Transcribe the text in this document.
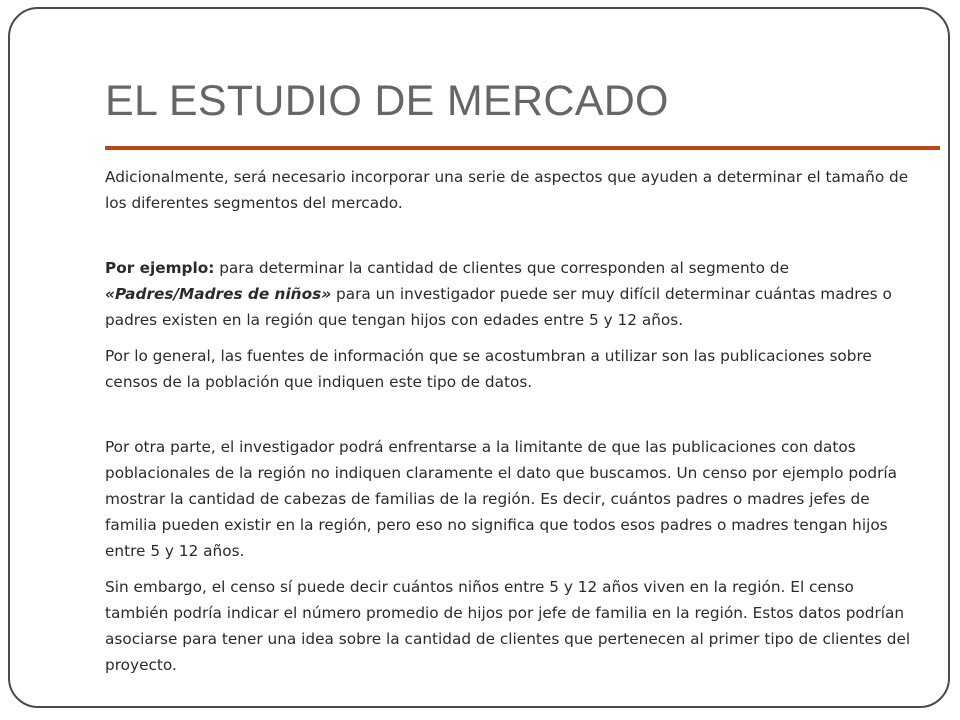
EL ESTUDIO DE MERCADO

Adicionalmente, será necesario incorporar una serie de aspectos que ayuden a determinar el tamaño de los diferentes segmentos del mercado.

Por ejemplo: para determinar la cantidad de clientes que corresponden al segmento de «Padres/Madres de niños» para un investigador puede ser muy difícil determinar cuántas madres o padres existen en la región que tengan hijos con edades entre 5 y 12 años.

Por lo general, las fuentes de información que se acostumbran a utilizar son las publicaciones sobre censos de la población que indiquen este tipo de datos.

Por otra parte, el investigador podrá enfrentarse a la limitante de que las publicaciones con datos poblacionales de la región no indiquen claramente el dato que buscamos. Un censo por ejemplo podría mostrar la cantidad de cabezas de familias de la región. Es decir, cuántos padres o madres jefes de familia pueden existir en la región, pero eso no significa que todos esos padres o madres tengan hijos entre 5 y 12 años.

Sin embargo, el censo sí puede decir cuántos niños entre 5 y 12 años viven en la región. El censo también podría indicar el número promedio de hijos por jefe de familia en la región. Estos datos podrían asociarse para tener una idea sobre la cantidad de clientes que pertenecen al primer tipo de clientes del proyecto.
